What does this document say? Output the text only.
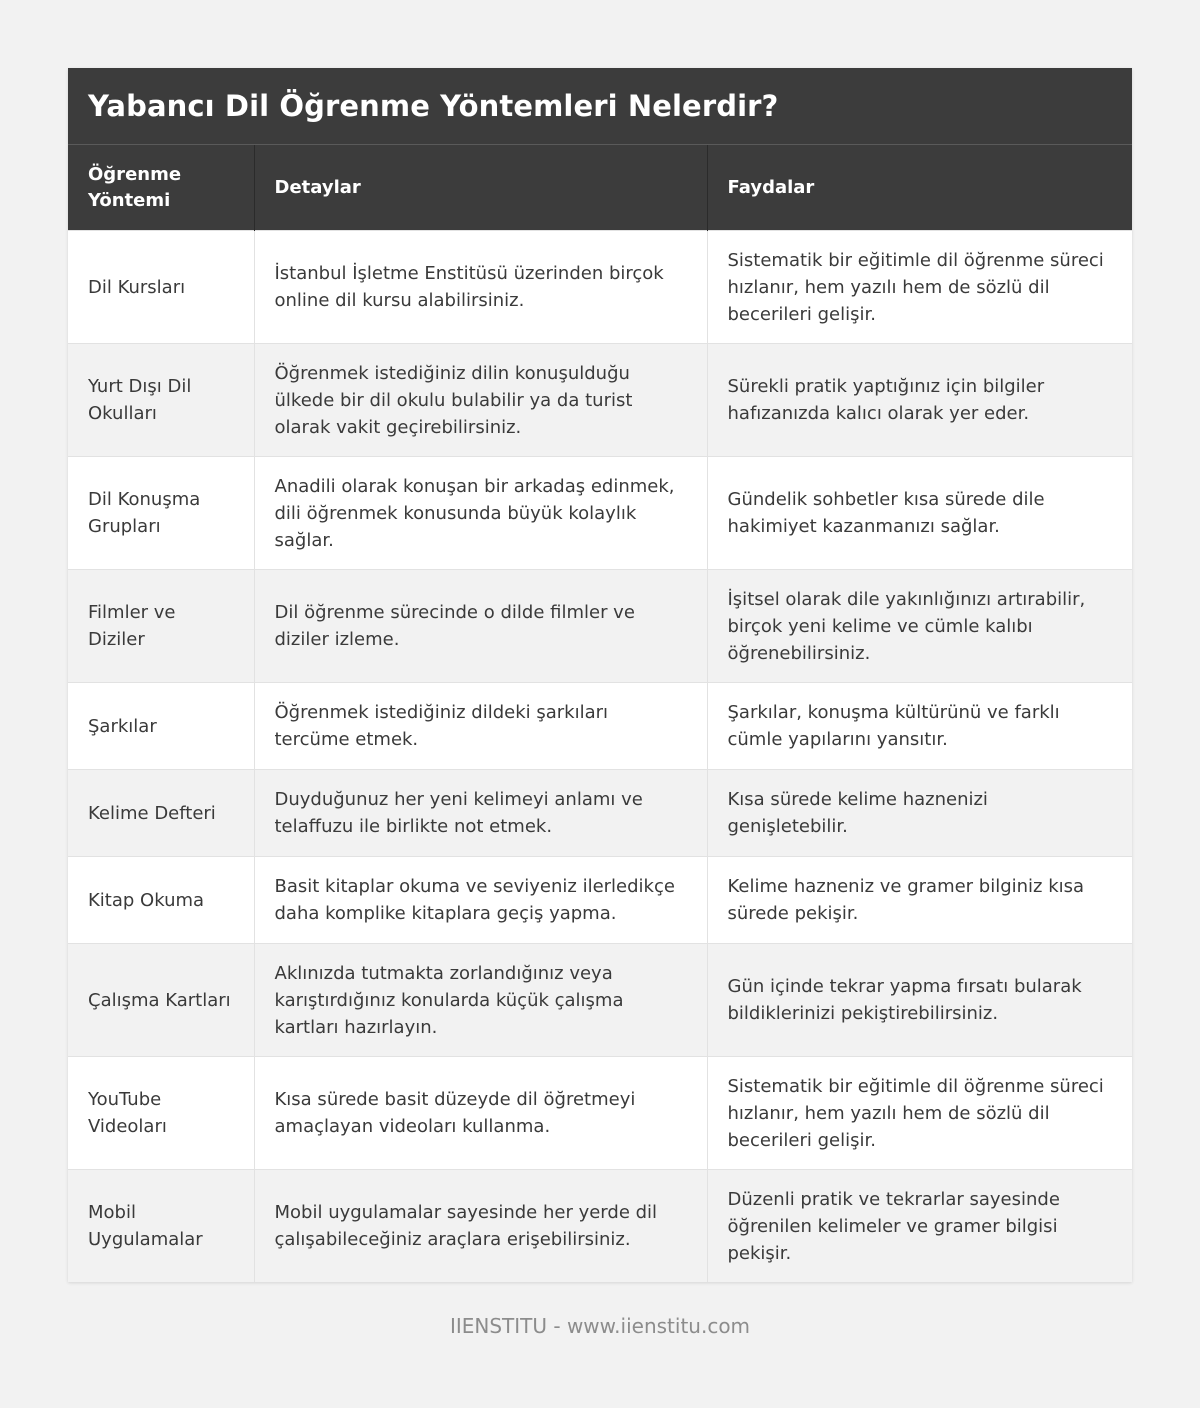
Yabancı Dil Öğrenme Yöntemleri Nelerdir?
Öğrenme Yöntemi	Detaylar	Faydalar
Dil Kursları	İstanbul İşletme Enstitüsü üzerinden birçok online dil kursu alabilirsiniz.	Sistematik bir eğitimle dil öğrenme süreci hızlanır, hem yazılı hem de sözlü dil becerileri gelişir.
Yurt Dışı Dil Okulları	Öğrenmek istediğiniz dilin konuşulduğu ülkede bir dil okulu bulabilir ya da turist olarak vakit geçirebilirsiniz.	Sürekli pratik yaptığınız için bilgiler hafızanızda kalıcı olarak yer eder.
Dil Konuşma Grupları	Anadili olarak konuşan bir arkadaş edinmek, dili öğrenmek konusunda büyük kolaylık sağlar.	Gündelik sohbetler kısa sürede dile hakimiyet kazanmanızı sağlar.
Filmler ve Diziler	Dil öğrenme sürecinde o dilde filmler ve diziler izleme.	İşitsel olarak dile yakınlığınızı artırabilir, birçok yeni kelime ve cümle kalıbı öğrenebilirsiniz.
Şarkılar	Öğrenmek istediğiniz dildeki şarkıları tercüme etmek.	Şarkılar, konuşma kültürünü ve farklı cümle yapılarını yansıtır.
Kelime Defteri	Duyduğunuz her yeni kelimeyi anlamı ve telaffuzu ile birlikte not etmek.	Kısa sürede kelime haznenizi genişletebilir.
Kitap Okuma	Basit kitaplar okuma ve seviyeniz ilerledikçe daha komplike kitaplara geçiş yapma.	Kelime hazneniz ve gramer bilginiz kısa sürede pekişir.
Çalışma Kartları	Aklınızda tutmakta zorlandığınız veya karıştırdığınız konularda küçük çalışma kartları hazırlayın.	Gün içinde tekrar yapma fırsatı bularak bildiklerinizi pekiştirebilirsiniz.
YouTube Videoları	Kısa sürede basit düzeyde dil öğretmeyi amaçlayan videoları kullanma.	Sistematik bir eğitimle dil öğrenme süreci hızlanır, hem yazılı hem de sözlü dil becerileri gelişir.
Mobil Uygulamalar	Mobil uygulamalar sayesinde her yerde dil çalışabileceğiniz araçlara erişebilirsiniz.	Düzenli pratik ve tekrarlar sayesinde öğrenilen kelimeler ve gramer bilgisi pekişir.
IIENSTITU - www.iienstitu.com
